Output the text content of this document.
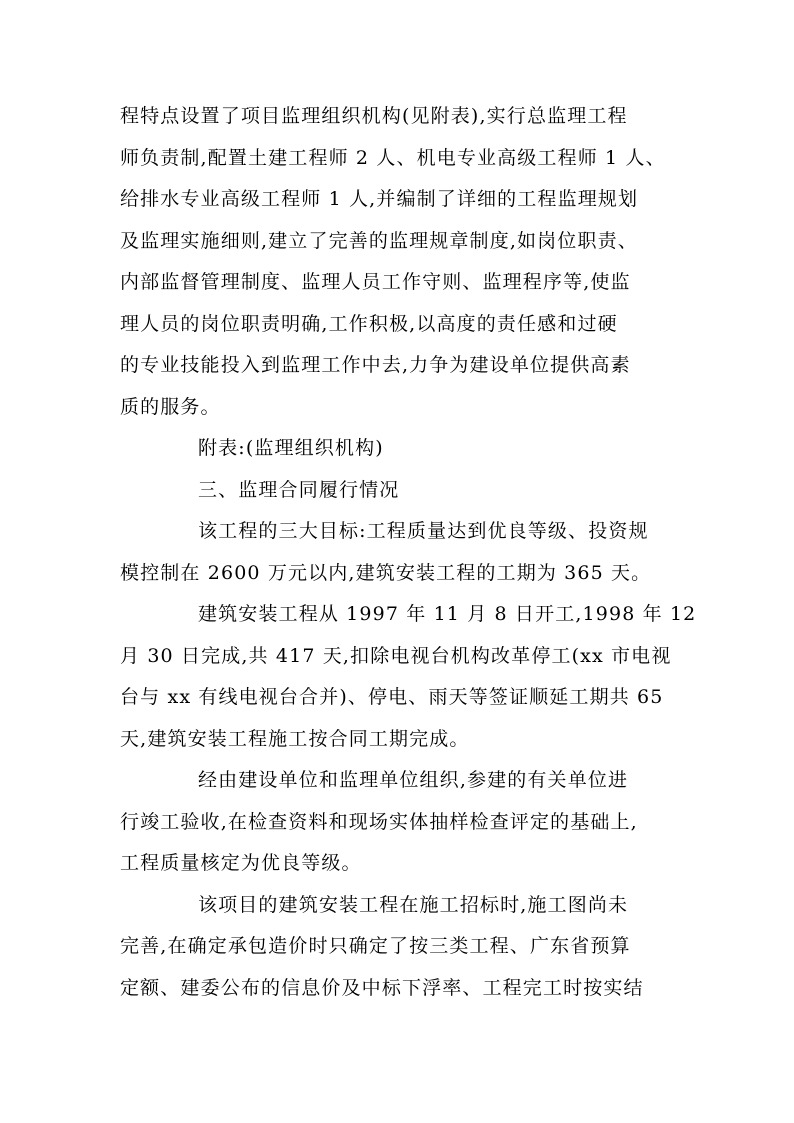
程特点设置了项目监理组织机构(见附表),实行总监理工程
师负责制,配置土建工程师 2 人、机电专业高级工程师 1 人、
给排水专业高级工程师 1 人,并编制了详细的工程监理规划
及监理实施细则,建立了完善的监理规章制度,如岗位职责、
内部监督管理制度、监理人员工作守则、监理程序等,使监
理人员的岗位职责明确,工作积极,以高度的责任感和过硬
的专业技能投入到监理工作中去,力争为建设单位提供高素
质的服务。
附表:(监理组织机构)
三、监理合同履行情况
该工程的三大目标:工程质量达到优良等级、投资规
模控制在 2600 万元以内,建筑安装工程的工期为 365 天。
建筑安装工程从 1997 年 11 月 8 日开工,1998 年 12
月 30 日完成,共 417 天,扣除电视台机构改革停工(xx 市电视
台与 xx 有线电视台合并)、停电、雨天等签证顺延工期共 65
天,建筑安装工程施工按合同工期完成。
经由建设单位和监理单位组织,参建的有关单位进
行竣工验收,在检查资料和现场实体抽样检查评定的基础上,
工程质量核定为优良等级。
该项目的建筑安装工程在施工招标时,施工图尚未
完善,在确定承包造价时只确定了按三类工程、广东省预算
定额、建委公布的信息价及中标下浮率、工程完工时按实结
